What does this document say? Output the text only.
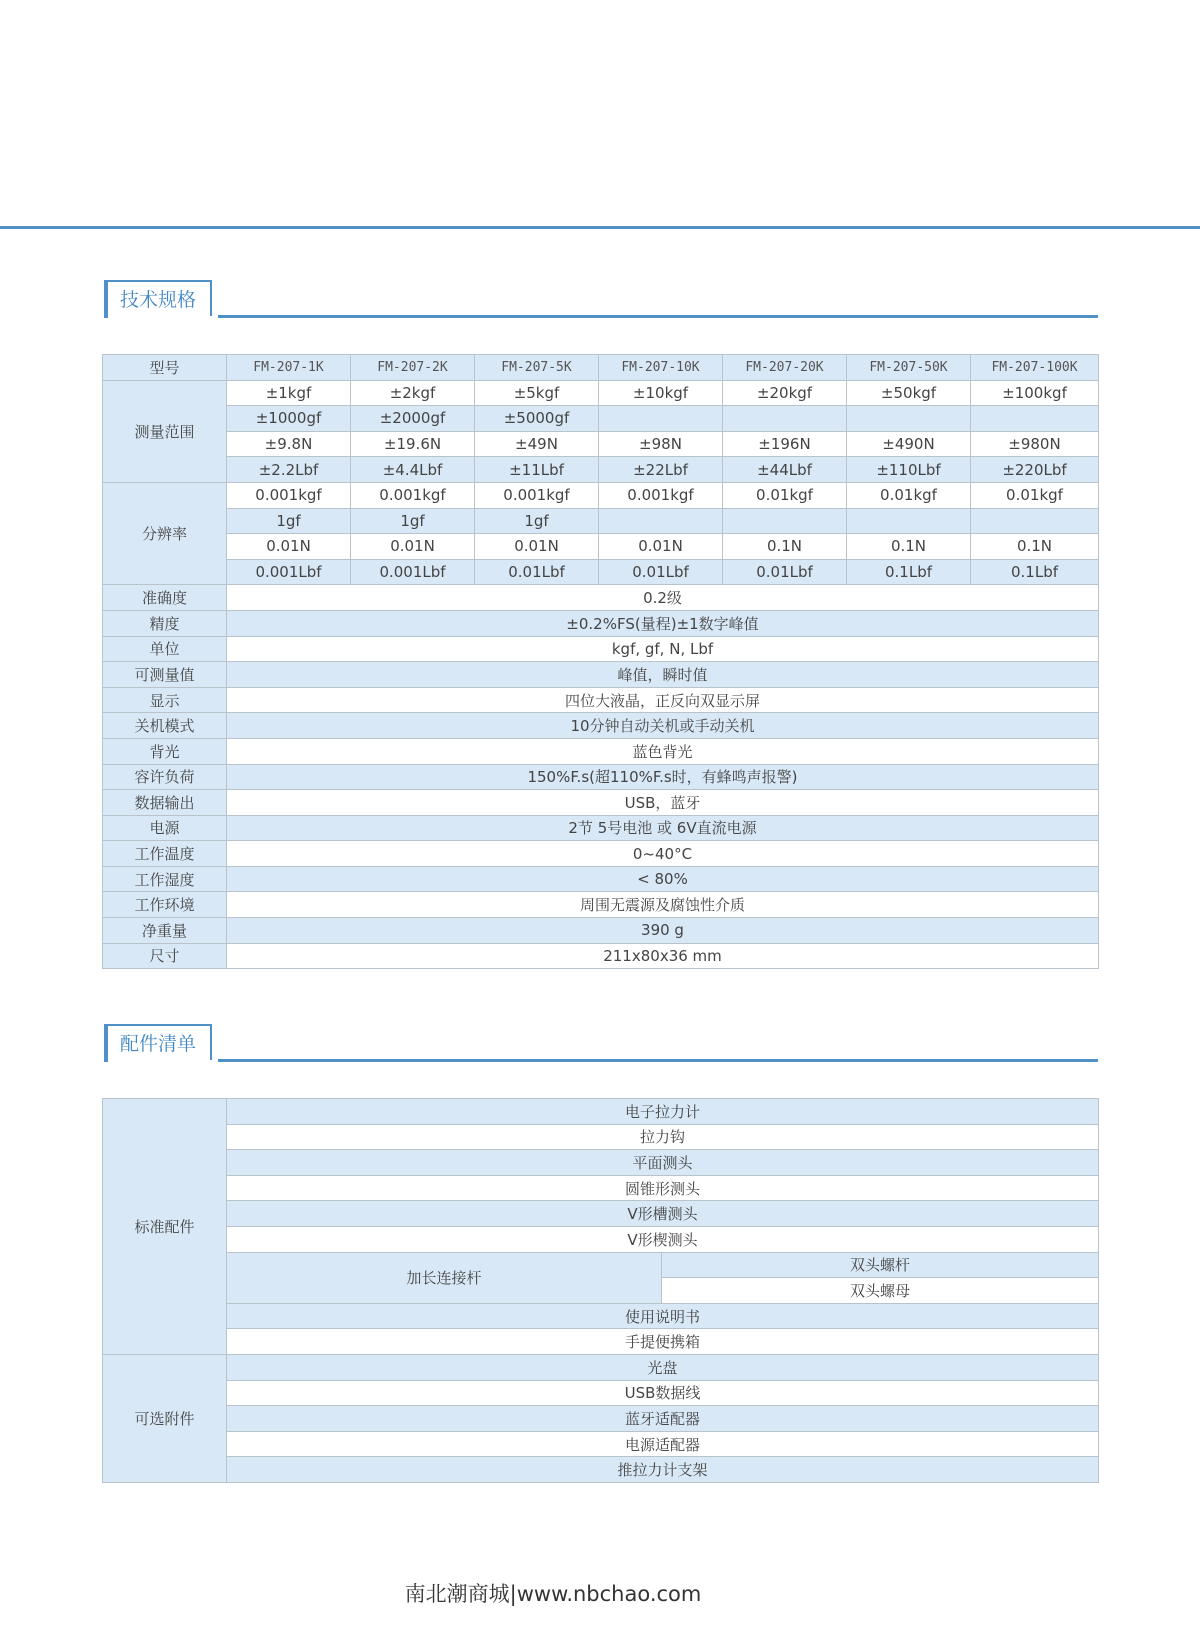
技术规格
型号	FM-207-1K	FM-207-2K	FM-207-5K	FM-207-10K	FM-207-20K	FM-207-50K	FM-207-100K
测量范围	±1kgf	±2kgf	±5kgf	±10kgf	±20kgf	±50kgf	±100kgf
	±1000gf	±2000gf	±5000gf				
	±9.8N	±19.6N	±49N	±98N	±196N	±490N	±980N
	±2.2Lbf	±4.4Lbf	±11Lbf	±22Lbf	±44Lbf	±110Lbf	±220Lbf
分辨率	0.001kgf	0.001kgf	0.001kgf	0.001kgf	0.01kgf	0.01kgf	0.01kgf
	1gf	1gf	1gf				
	0.01N	0.01N	0.01N	0.01N	0.1N	0.1N	0.1N
	0.001Lbf	0.001Lbf	0.01Lbf	0.01Lbf	0.01Lbf	0.1Lbf	0.1Lbf
准确度	0.2级						
精度	±0.2%FS(量程)±1数字峰值						
单位	kgf, gf, N, Lbf						
可测量值	峰值，瞬时值						
显示	四位大液晶，正反向双显示屏						
关机模式	10分钟自动关机或手动关机						
背光	蓝色背光						
容许负荷	150%F.s(超110%F.s时，有蜂鸣声报警)						
数据输出	USB，蓝牙						
电源	2节 5号电池 或 6V直流电源						
工作温度	0~40°C						
工作湿度	< 80%						
工作环境	周围无震源及腐蚀性介质						
净重量	390 g						
尺寸	211x80x36 mm						
配件清单
标准配件	电子拉力计	
	拉力钩	
	平面测头	
	圆锥形测头	
	V形槽测头	
	V形楔测头	
	加长连接杆	双头螺杆
		双头螺母
	使用说明书	
	手提便携箱	
可选附件	光盘	
	USB数据线	
	蓝牙适配器	
	电源适配器	
	推拉力计支架	
南北潮商城|www.nbchao.com
